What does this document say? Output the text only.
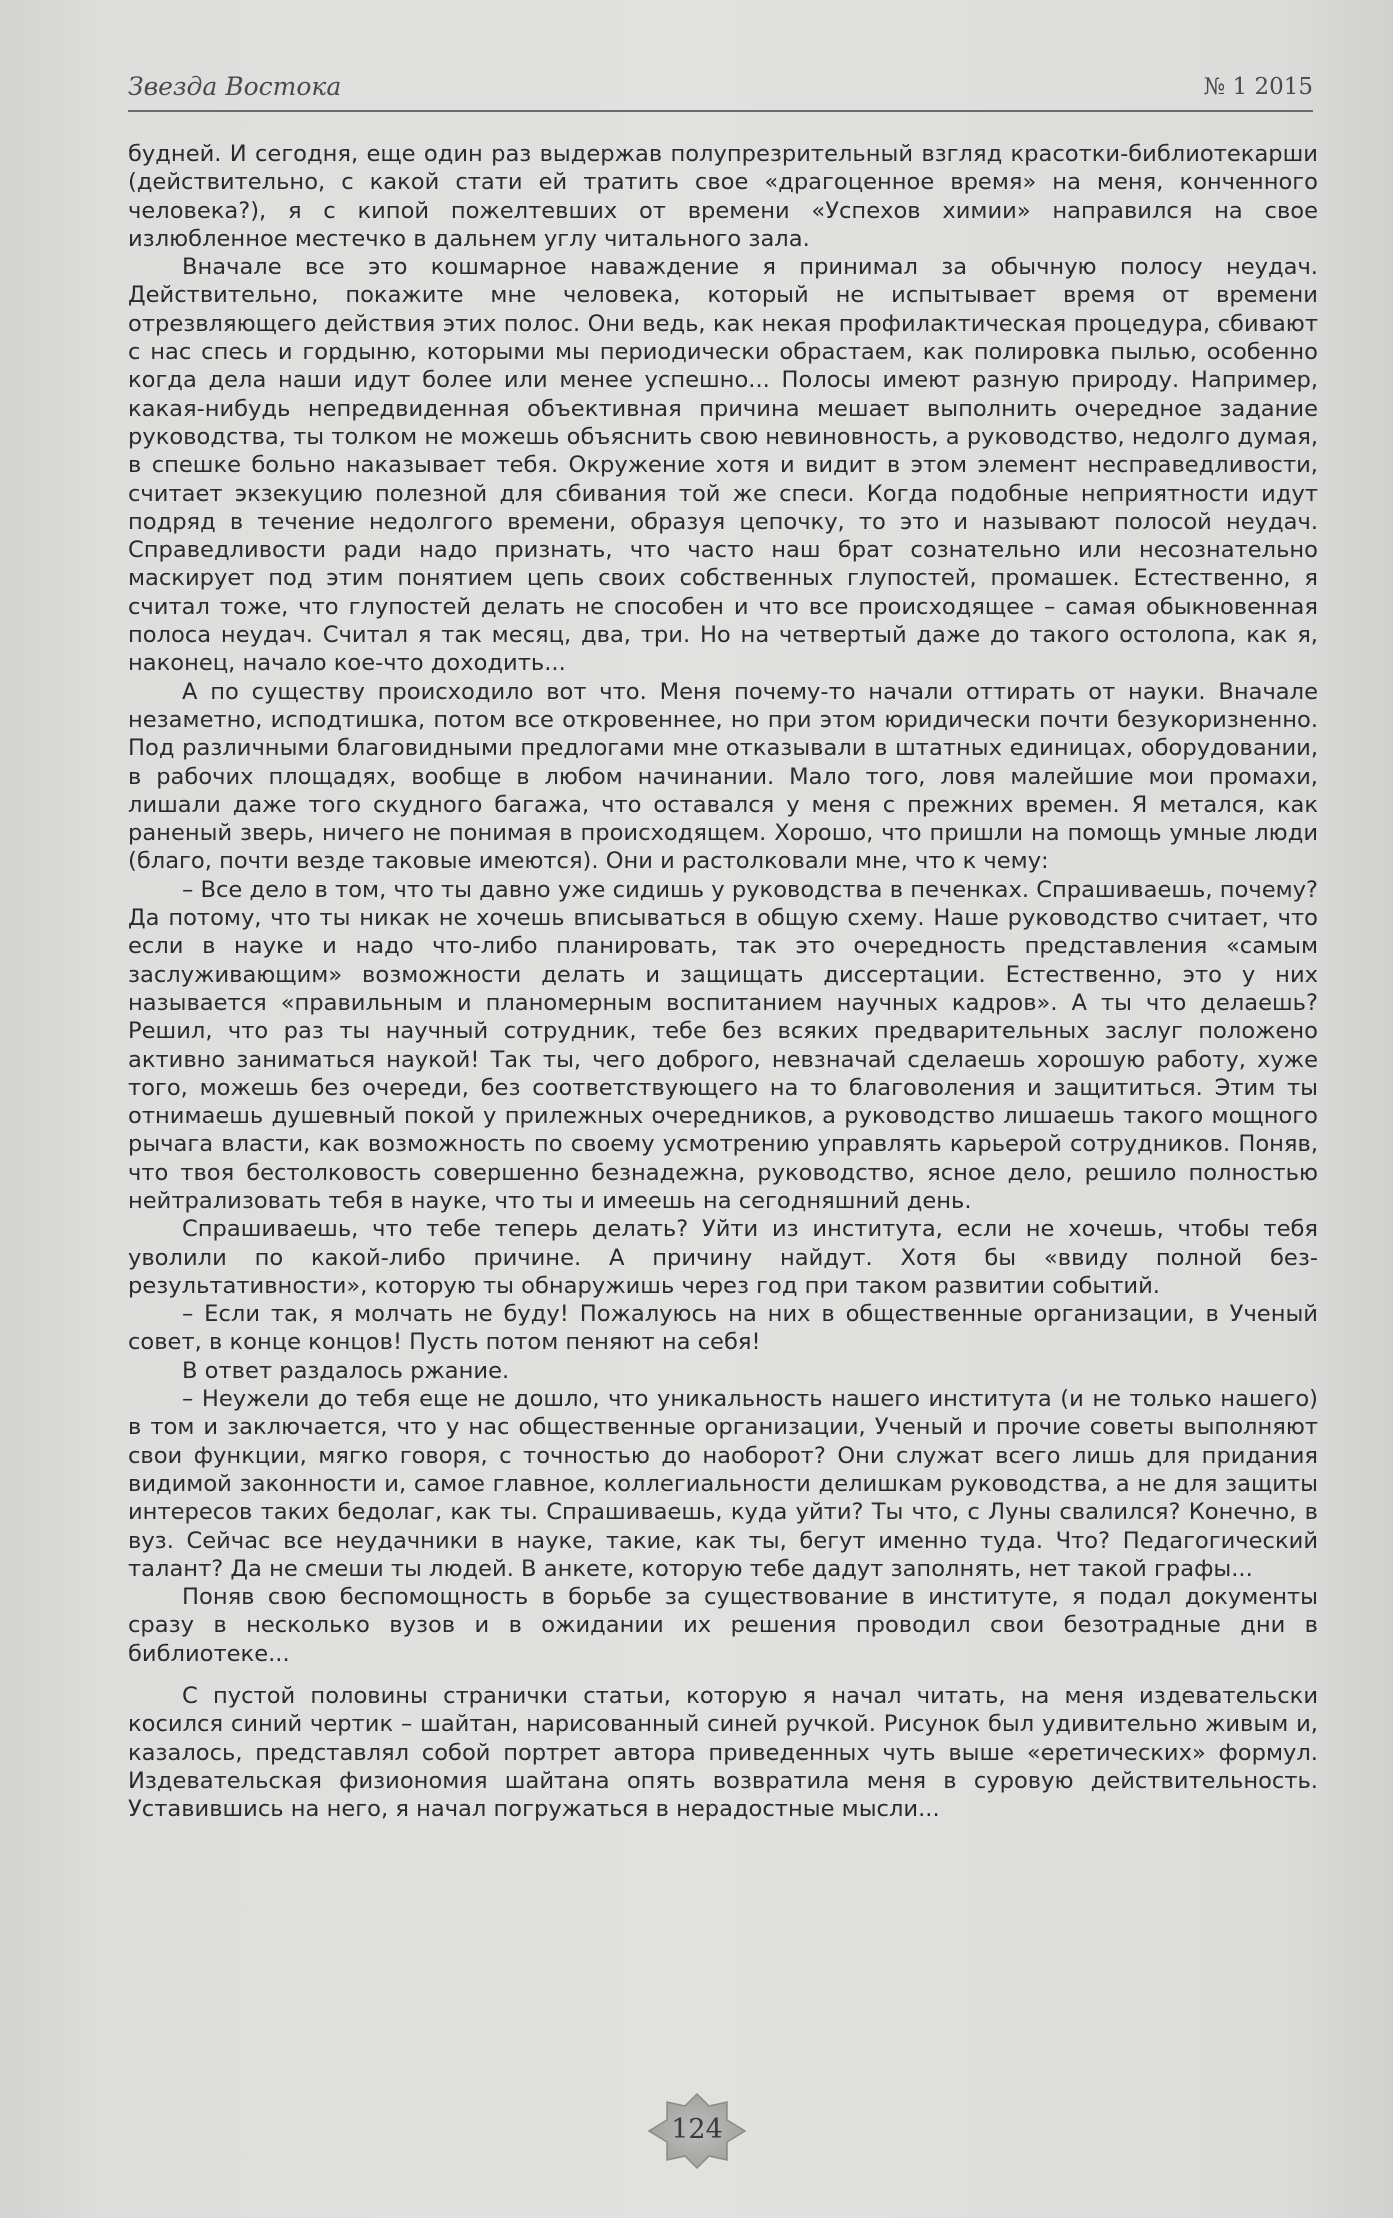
Звезда Востока	№ 1 2015

будней. И сегодня, еще один раз выдержав полупрезрительный взгляд красотки-библиотекарши (действительно, с какой стати ей тратить свое «драгоценное время» на меня, конченного человека?), я с кипой пожелтевших от времени «Успехов химии» направился на свое излюбленное местечко в дальнем углу читального зала.

Вначале все это кошмарное наваждение я принимал за обычную полосу неудач. Действительно, покажите мне человека, который не испытывает время от времени отрезвляющего действия этих полос. Они ведь, как некая профилактическая процедура, сбивают с нас спесь и гордыню, которыми мы периодически обрастаем, как полировка пылью, особенно когда дела наши идут более или менее успешно... Полосы имеют разную природу. Например, какая-нибудь непредвиденная объективная причина мешает выполнить очередное задание руководства, ты толком не можешь объяснить свою невиновность, а руководство, недолго думая, в спешке больно наказывает тебя. Окружение хотя и видит в этом элемент несправедливости, считает экзекуцию полезной для сбивания той же спеси. Когда подобные неприятности идут подряд в течение недолгого времени, образуя цепочку, то это и называют полосой неудач. Справедливости ради надо признать, что часто наш брат сознательно или несознательно маскирует под этим понятием цепь своих собственных глупостей, промашек. Естественно, я считал тоже, что глупостей делать не способен и что все происходящее – самая обыкновенная полоса неудач. Считал я так месяц, два, три. Но на четвертый даже до такого остолопа, как я, наконец, начало кое-что доходить...

А по существу происходило вот что. Меня почему-то начали оттирать от науки. Вначале незаметно, исподтишка, потом все откровеннее, но при этом юридически почти безукоризненно. Под различными благовидными предлогами мне отказывали в штатных единицах, оборудовании, в рабочих площадях, вообще в любом начинании. Мало того, ловя малейшие мои промахи, лишали даже того скудного багажа, что оставался у меня с прежних времен. Я метался, как раненый зверь, ничего не понимая в происходящем. Хорошо, что пришли на помощь умные люди (благо, почти везде таковые имеются). Они и растолковали мне, что к чему:

– Все дело в том, что ты давно уже сидишь у руководства в печенках. Спрашиваешь, почему? Да потому, что ты никак не хочешь вписываться в общую схему. Наше руководство считает, что если в науке и надо что-либо планировать, так это очередность представления «самым заслуживающим» возможности делать и защищать диссертации. Естественно, это у них называется «правильным и планомерным воспитанием научных кадров». А ты что делаешь? Решил, что раз ты научный сотрудник, тебе без всяких предварительных заслуг положено активно заниматься наукой! Так ты, чего доброго, невзначай сделаешь хорошую работу, хуже того, можешь без очереди, без соответствующего на то благоволения и защититься. Этим ты отнимаешь душевный покой у прилежных очередников, а руководство лишаешь такого мощного рычага власти, как возможность по своему усмотрению управлять карьерой сотрудников. Поняв, что твоя бестолковость совершенно безнадежна, руководство, ясное дело, решило полностью нейтрализовать тебя в науке, что ты и имеешь на сегодняшний день.

Спрашиваешь, что тебе теперь делать? Уйти из института, если не хочешь, чтобы тебя уволили по какой-либо причине. А причину найдут. Хотя бы «ввиду полной безрезультативности», которую ты обнаружишь через год при таком развитии событий.

– Если так, я молчать не буду! Пожалуюсь на них в общественные организации, в Ученый совет, в конце концов! Пусть потом пеняют на себя!

В ответ раздалось ржание.

– Неужели до тебя еще не дошло, что уникальность нашего института (и не только нашего) в том и заключается, что у нас общественные организации, Ученый и прочие советы выполняют свои функции, мягко говоря, с точностью до наоборот? Они служат всего лишь для придания видимой законности и, самое главное, коллегиальности делишкам руководства, а не для защиты интересов таких бедолаг, как ты. Спрашиваешь, куда уйти? Ты что, с Луны свалился? Конечно, в вуз. Сейчас все неудачники в науке, такие, как ты, бегут именно туда. Что? Педагогический талант? Да не смеши ты людей. В анкете, которую тебе дадут заполнять, нет такой графы...

Поняв свою беспомощность в борьбе за существование в институте, я подал документы сразу в несколько вузов и в ожидании их решения проводил свои безотрадные дни в библиотеке...

С пустой половины странички статьи, которую я начал читать, на меня издевательски косился синий чертик – шайтан, нарисованный синей ручкой. Рисунок был удивительно живым и, казалось, представлял собой портрет автора приведенных чуть выше «еретических» формул. Издевательская физиономия шайтана опять возвратила меня в суровую действительность. Уставившись на него, я начал погружаться в нерадостные мысли...

124
